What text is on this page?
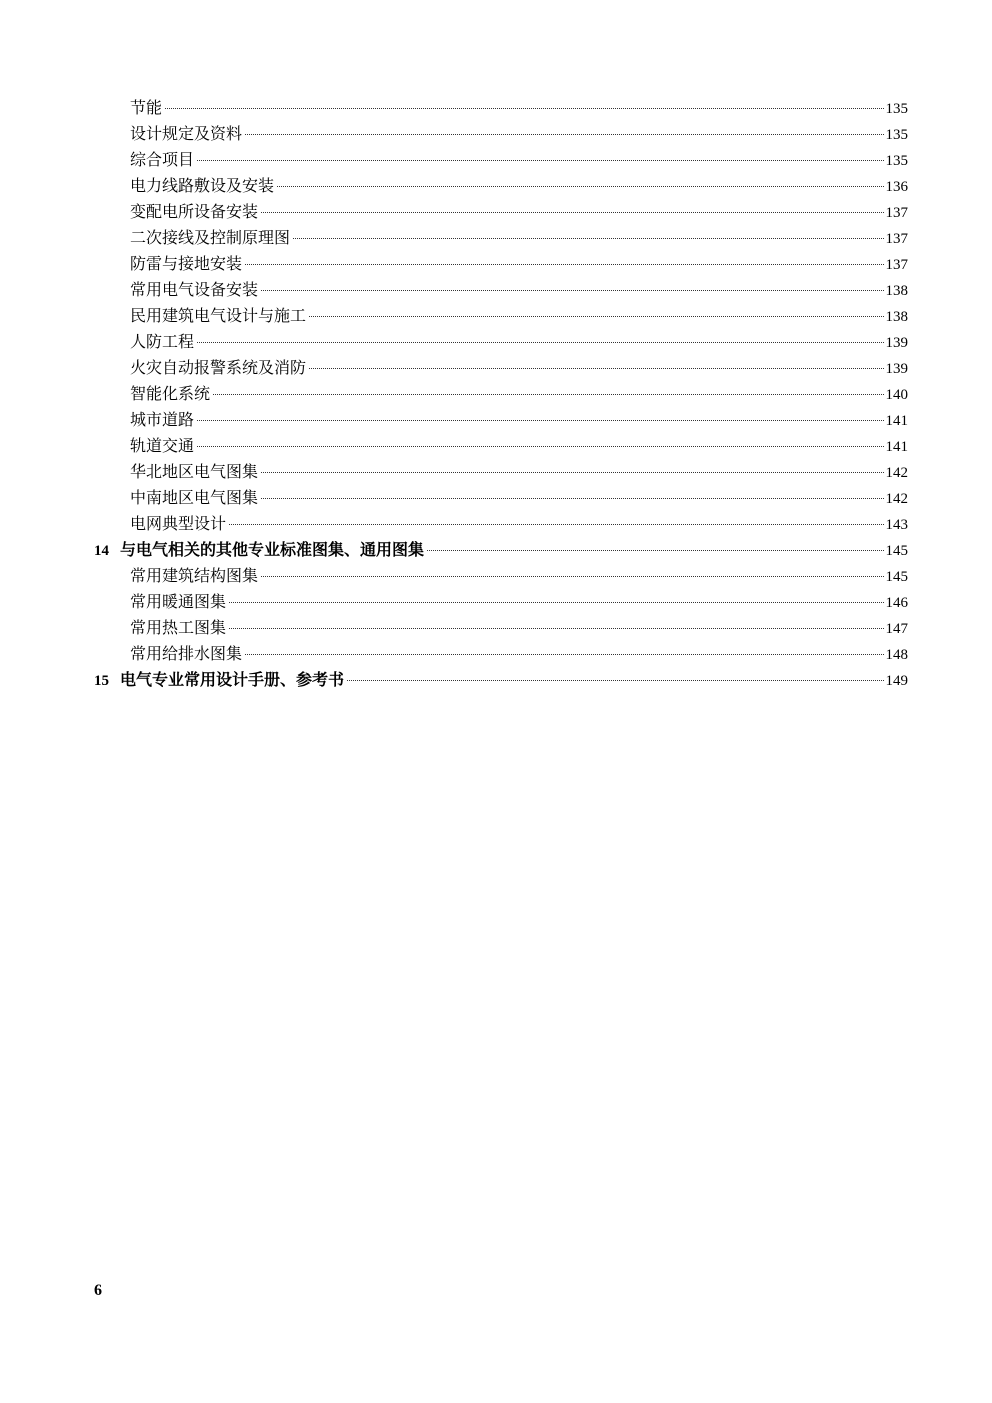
节能	135
设计规定及资料	135
综合项目	135
电力线路敷设及安装	136
变配电所设备安装	137
二次接线及控制原理图	137
防雷与接地安装	137
常用电气设备安装	138
民用建筑电气设计与施工	138
人防工程	139
火灾自动报警系统及消防	139
智能化系统	140
城市道路	141
轨道交通	141
华北地区电气图集	142
中南地区电气图集	142
电网典型设计	143
14 与电气相关的其他专业标准图集、通用图集	145
常用建筑结构图集	145
常用暖通图集	146
常用热工图集	147
常用给排水图集	148
15 电气专业常用设计手册、参考书	149
6
